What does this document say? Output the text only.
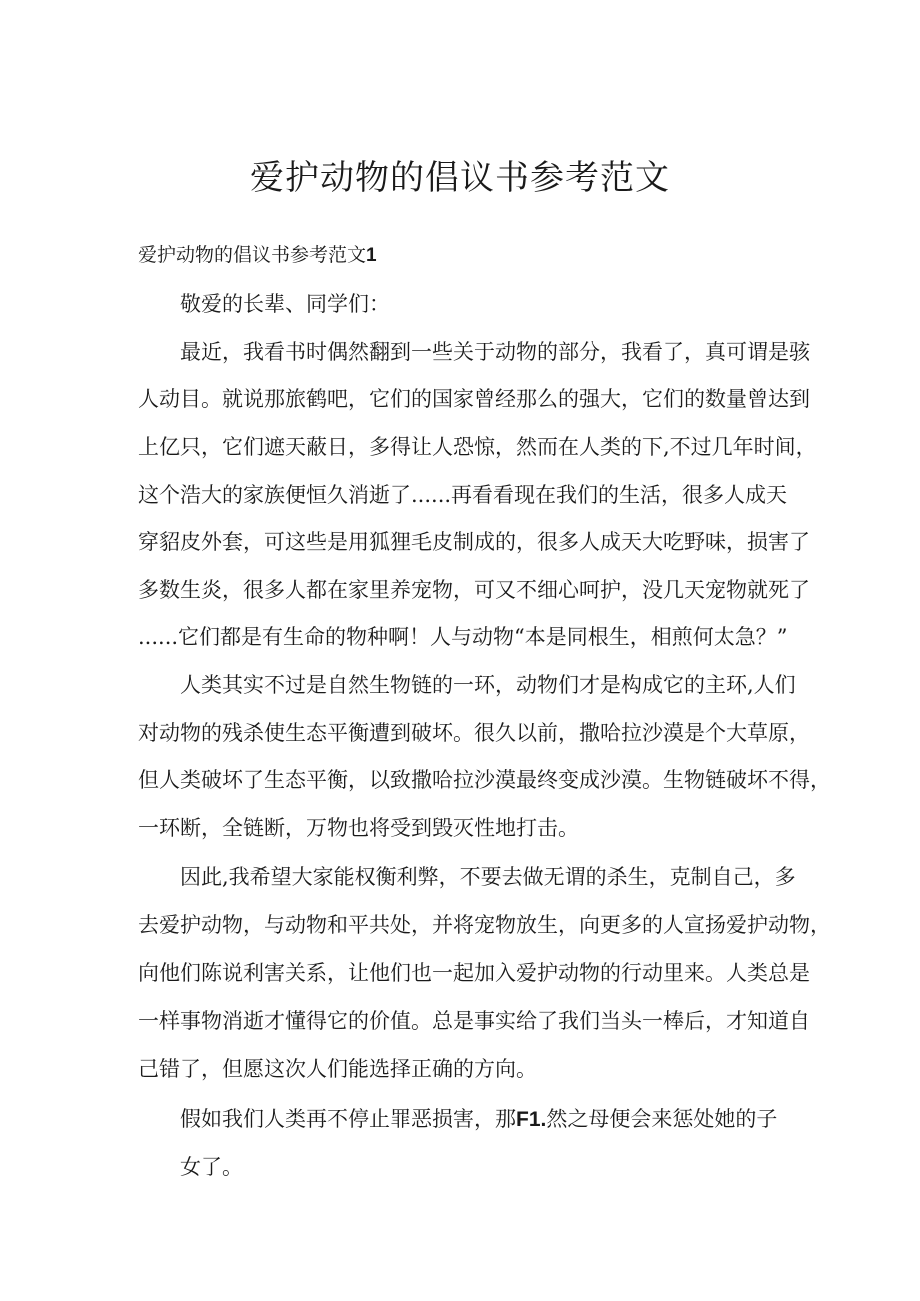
爱护动物的倡议书参考范文

爱护动物的倡议书参考范文1

敬爱的长辈、同学们：

最近，我看书时偶然翻到一些关于动物的部分，我看了，真可谓是骇

人动目。就说那旅鹤吧，它们的国家曾经那么的强大，它们的数量曾达到

上亿只，它们遮天蔽日，多得让人恐惊，然而在人类的下,不过几年时间，

这个浩大的家族便恒久消逝了......再看看现在我们的生活，很多人成天

穿貂皮外套，可这些是用狐狸毛皮制成的，很多人成天大吃野味，损害了

多数生炎，很多人都在家里养宠物，可又不细心呵护，没几天宠物就死了

......它们都是有生命的物种啊！人与动物“本是同根生，相煎何太急？”

人类其实不过是自然生物链的一环，动物们才是构成它的主环,人们

对动物的残杀使生态平衡遭到破坏。很久以前，撒哈拉沙漠是个大草原，

但人类破坏了生态平衡，以致撒哈拉沙漠最终变成沙漠。生物链破坏不得，

一环断，全链断，万物也将受到毁灭性地打击。

因此,我希望大家能权衡利弊，不要去做无谓的杀生，克制自己，多

去爱护动物，与动物和平共处，并将宠物放生，向更多的人宣扬爱护动物，

向他们陈说利害关系，让他们也一起加入爱护动物的行动里来。人类总是

一样事物消逝才懂得它的价值。总是事实给了我们当头一棒后，才知道自

己错了，但愿这次人们能选择正确的方向。

假如我们人类再不停止罪恶损害，那F1.然之母便会来惩处她的子

女了。
